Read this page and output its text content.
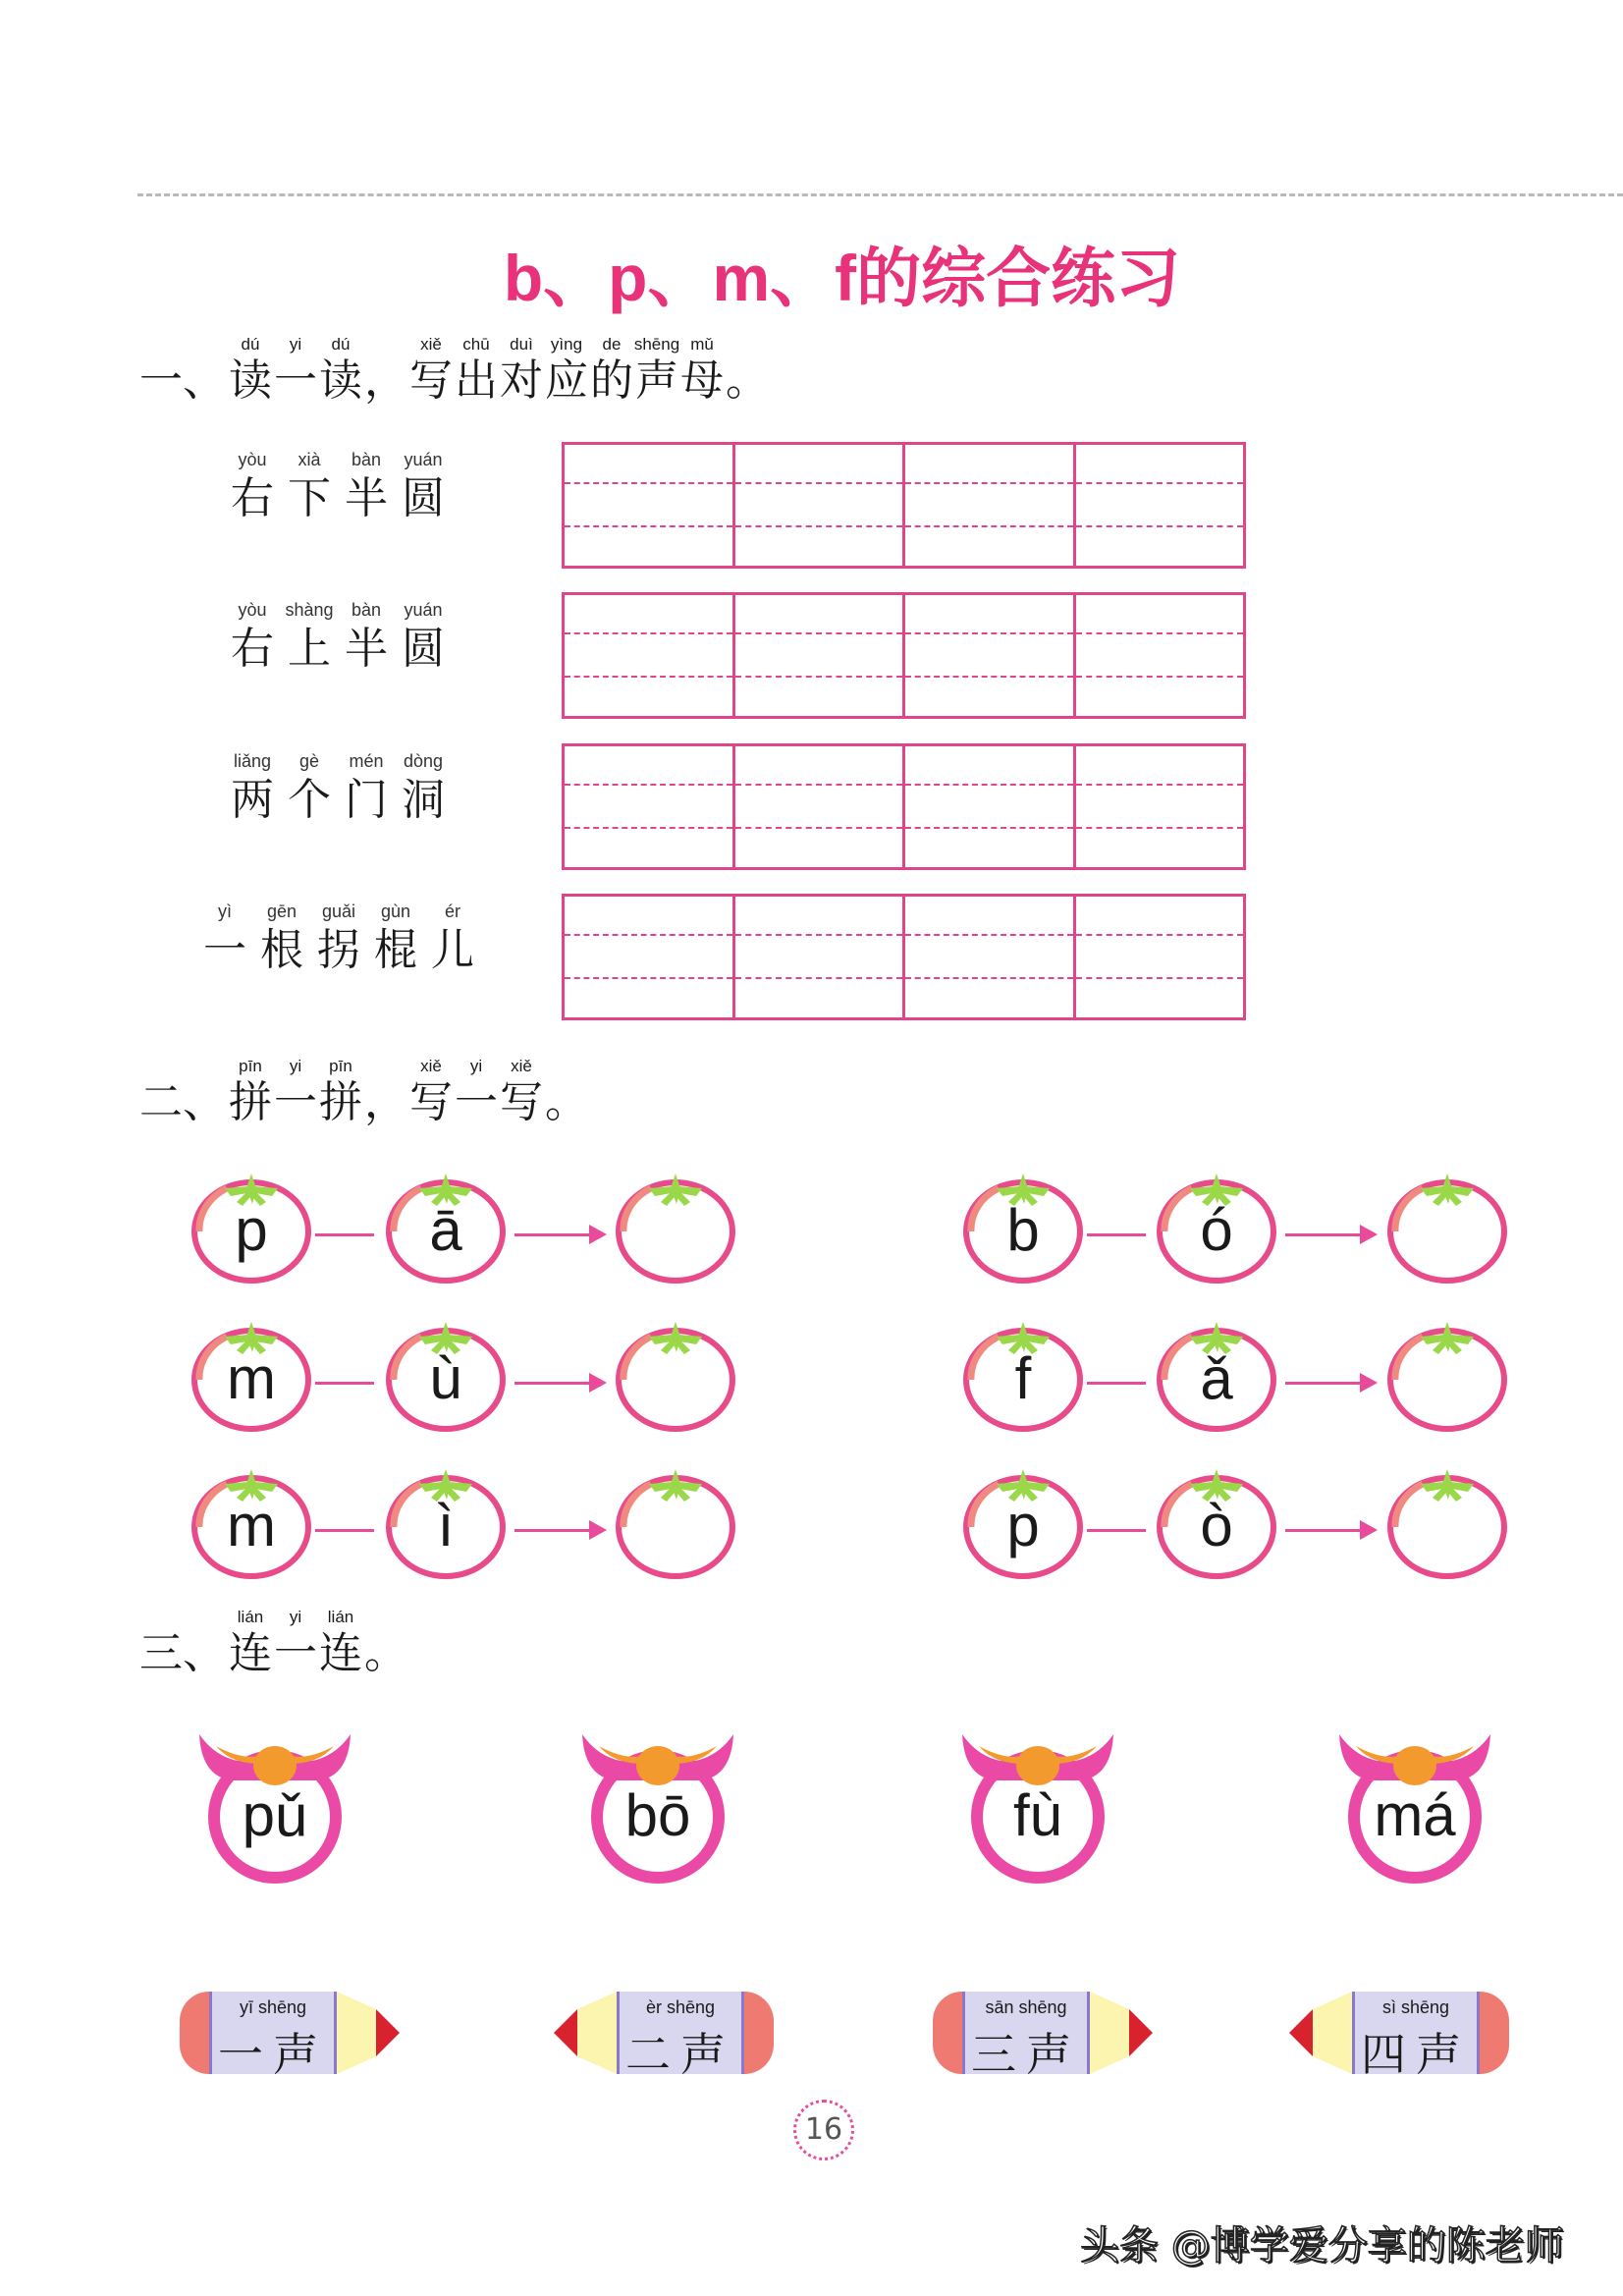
b、p、m、f的综合练习
一、
dú
读
yi
一
dú
读 ，
xiě
写
chū
出
duì
对
yìng
应
de
的
shēng
声
mǔ
母 。
二、
pīn
拼
yi
一
pīn
拼 ，
xiě
写
yi
一
xiě
写 。
三、
lián
连
yi
一
lián
连 。
16
头条 @博学爱分享的陈老师
yòu
右
xià
下
bàn
半
yuán
圆
yòu
右
shàng
上
bàn
半
yuán
圆
liǎng
两
gè
个
mén
门
dòng
洞
yì
一
gēn
根
guǎi
拐
gùn
棍
ér
儿
p	ā	b	ó
m	ù	f	ǎ
m	ì	p	ò
pǔ	bō	fù	má
yī shēng
一声
èr shēng
二声
sān shēng
三声
sì shēng
四声
